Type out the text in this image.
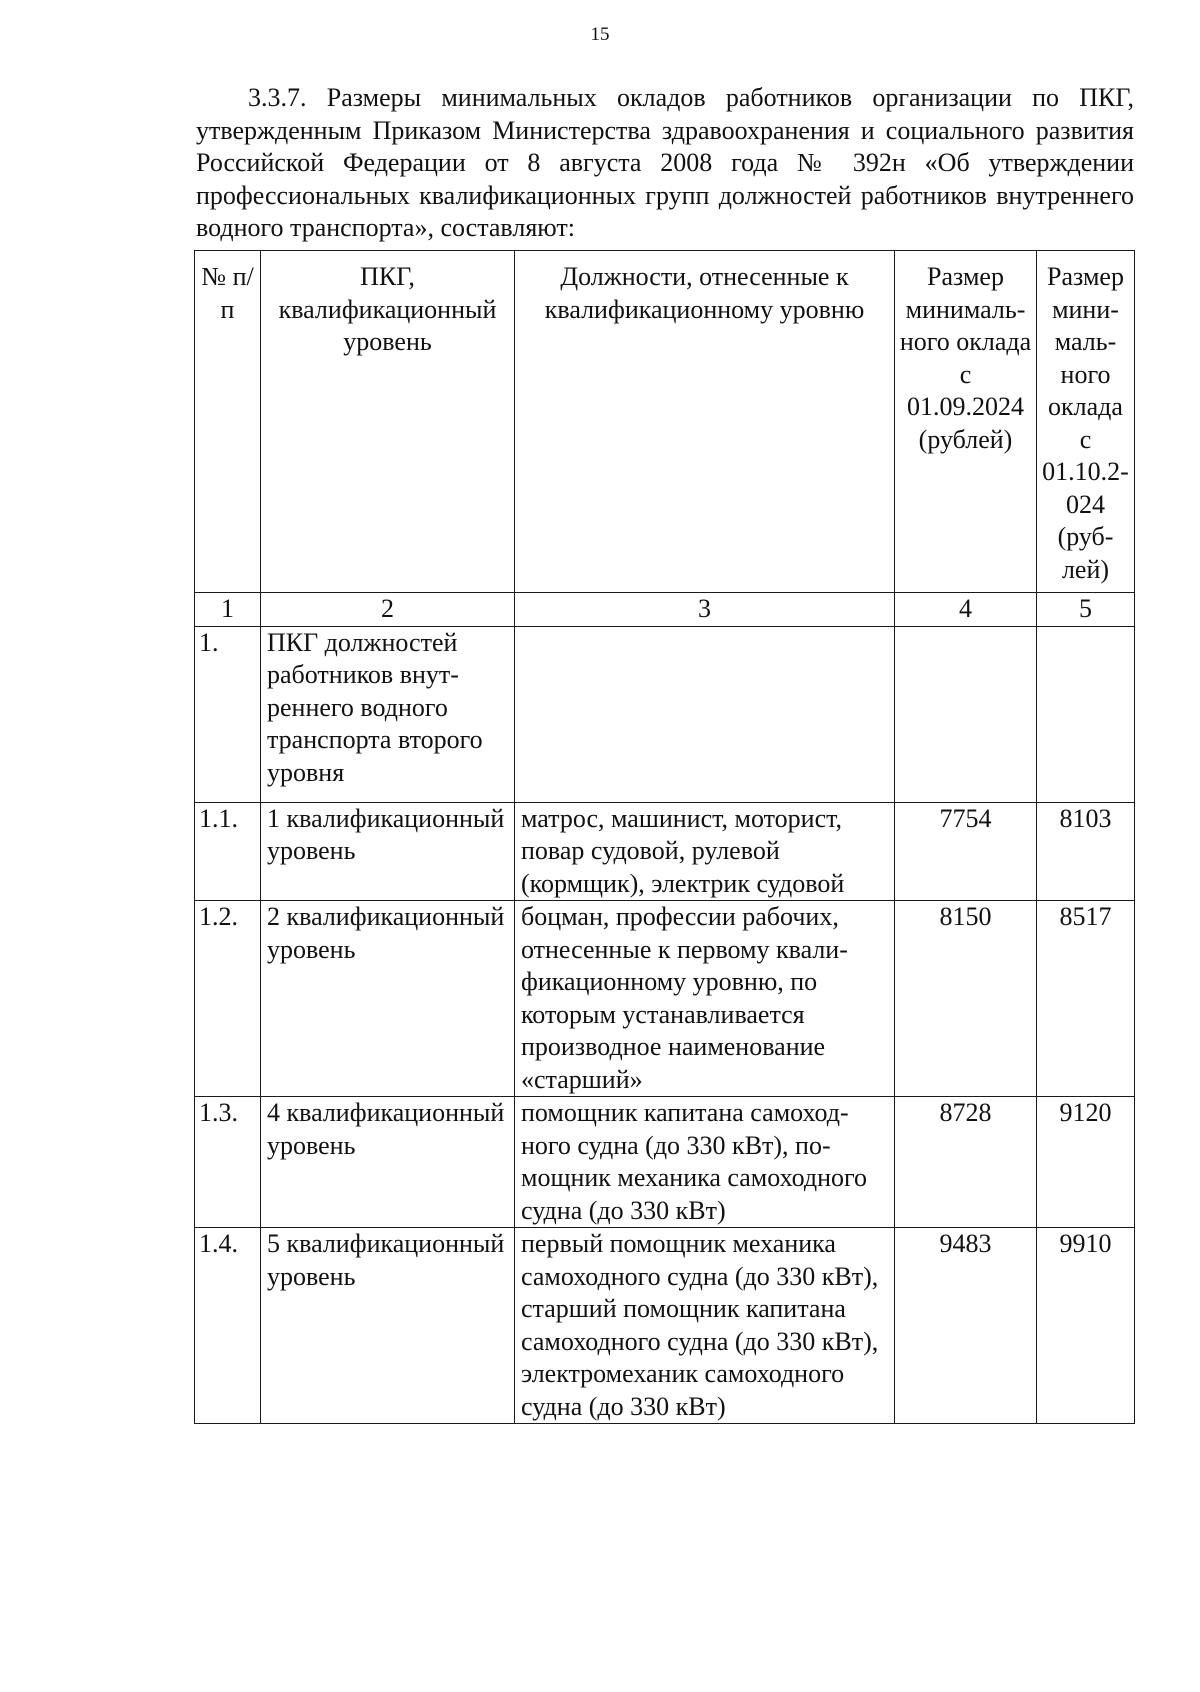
15

3.3.7. Размеры минимальных окладов работников организации по ПКГ, утвержденным Приказом Министерства здравоохранения и социального развития Российской Федерации от 8 августа 2008 года № 392н «Об утверждении профессиональных квалификационных групп должностей работников внутреннего водного транспорта», составляют:

№ п/п	ПКГ, квалификационный уровень	Должности, отнесенные к квалификационному уровню	Размер минимального оклада с 01.09.2024 (рублей)	Размер минимального оклада с 01.10.2024 (рублей)
1	2	3	4	5
1.	ПКГ должностей работников внутреннего водного транспорта второго уровня			
1.1.	1 квалификационный уровень	матрос, машинист, моторист, повар судовой, рулевой (кормщик), электрик судовой	7754	8103
1.2.	2 квалификационный уровень	боцман, профессии рабочих, отнесенные к первому квалификационному уровню, по которым устанавливается производное наименование «старший»	8150	8517
1.3.	4 квалификационный уровень	помощник капитана самоходного судна (до 330 кВт), помощник механика самоходного судна (до 330 кВт)	8728	9120
1.4.	5 квалификационный уровень	первый помощник механика самоходного судна (до 330 кВт), старший помощник капитана самоходного судна (до 330 кВт), электромеханик самоходного судна (до 330 кВт)	9483	9910
